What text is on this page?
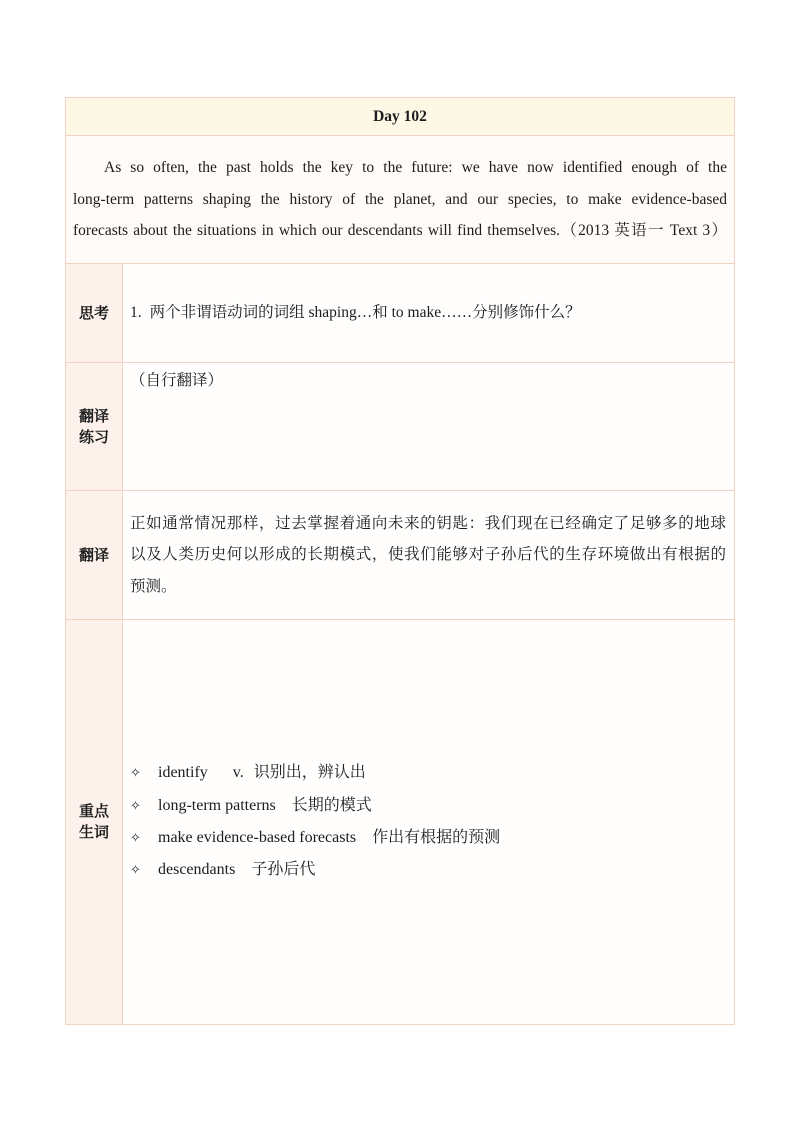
Day 102
As so often, the past holds the key to the future: we have now identified enough of the
long-term patterns shaping the history of the planet, and our species, to make evidence-based
forecasts about the situations in which our descendants will find themselves.（2013 英语一 Text 3）
思考 1. 两个非谓语动词的词组 shaping…和 to make……分别修饰什么？
翻译
练习
（自行翻译）
翻译
正如通常情况那样，过去掌握着通向未来的钥匙：我们现在已经确定了足够多的地球
以及人类历史何以形成的长期模式，使我们能够对子孙后代的生存环境做出有根据的
预测。
重点
生词
✧
identify v. 识别出，辨认出
✧
long-term patterns 长期的模式
✧
make evidence-based forecasts 作出有根据的预测
✧
descendants 子孙后代
